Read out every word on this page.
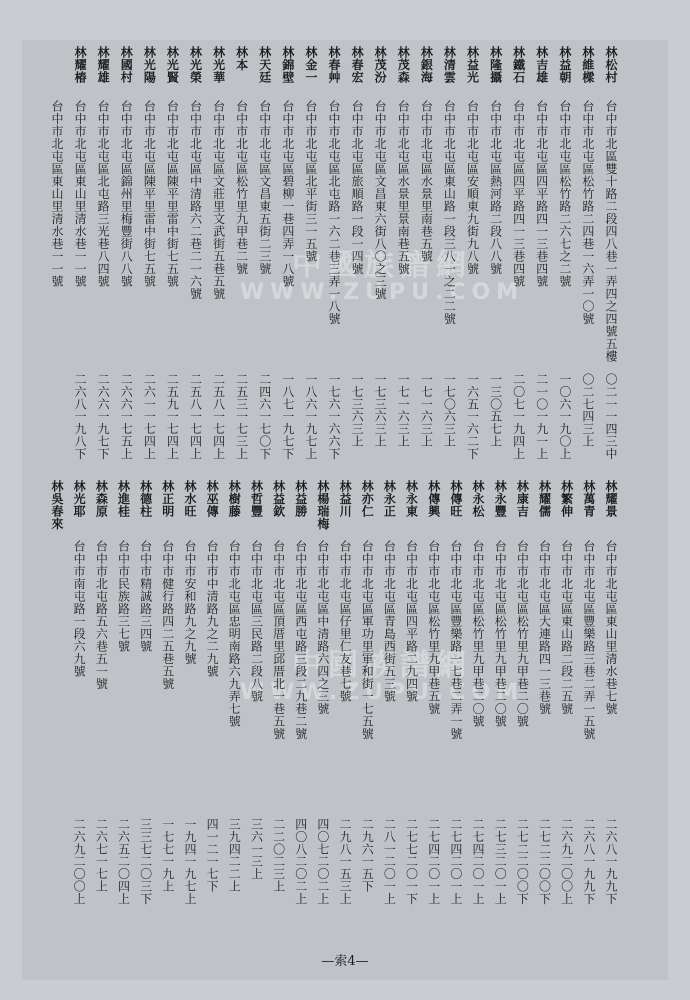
中國族譜網
WWW.ZUPU.COM
中國族譜網
WWW.ZUPU.COM
林松村
台中市北區雙十路二段四八巷一弄四之四號五樓
〇二一
一四三中
林維樑
台中市北屯區松竹路二四巷一六弄一〇號
〇二七
四三上
林益朝
台中市北屯區松竹路二六七之二號
一〇六
一九〇上
林吉雄
台中市北屯區四平路四一三巷四號
二一〇
一九一上
林鐵石
台中市北屯區四平路四一三巷四號
二〇七
一九四上
林隆攝
台中市北屯區熱河路二段八八號
一三〇
五七上
林益光
台中市北屯區安順東九街九八號
一六五
一六二下
林清雲
台中市北屯區東山路一段三八一之二二號
一七〇
六三上
林銀海
台中市北屯區水景里南巷五號
一七一
六三上
林茂森
台中市北屯區水景里景南巷五號
一七一
六三上
林茂汾
台中市北屯區文昌東六街八〇之三號
一七三
六三上
林春宏
台中市北屯區旅順路一段一四號
一七三
六三上
林春艸
台中市北屯區北屯路一六二巷三弄一八號
一七六
一六六下
林金一
台中市北屯區北平街三一五號
一八六
一九七上
林錦壁
台中市北屯區碧柳一巷四弄一八號
一八七
一九七下
林天廷
台中市北屯區文昌東五街二三號
二四六
一七〇下
林本
台中市北屯區松竹里九甲巷二號
二五三
一七三上
林光華
台中市北屯區文莊里文武街五巷五號
二五八
一七四上
林光榮
台中市北屯區中清路六二巷二一六號
二五八
一七四上
林光賢
台中市北屯區陳平里雷中街七五號
二五九
一七四上
林光陽
台中市北屯區陳平里雷中街七五號
二六一
一七四上
林國村
台中市北屯區錦州里梅豐街八八號
二六六
一七五上
林耀雄
台中市北屯區北屯路三光巷八四號
二六六
一九七下
林耀椿
台中市北屯區東山里清水巷一一號
二六八
一九八下
台中市北屯區東山里清水巷一一號
林耀景
台中市北屯區東山里清水巷七號
二六八
一九九下
林萬青
台中市北屯區豐樂路三巷二弄一五號
二六八
一九九下
林繁伸
台中市北屯區東山路二段二五號
二六九
二〇〇上
林耀儒
台中市北屯區大連路四一三巷號
二七二
二〇〇下
林康吉
台中市北屯區松竹里九甲巷二〇號
二七二
二〇〇下
林永豐
台中市北屯區松竹里九甲巷二〇號
二七三
二〇一上
林永松
台中市北屯區松竹里九甲巷二〇號
二七四
二〇一上
林傳旺
台中市北屯區豐樂路一七巷二弄一號
二七四
二〇一上
林傳興
台中市北屯區松竹里九甲巷五號
二七四
二〇一上
林永東
台中市北屯區四平路二九四號
二七七
二〇一下
林永正
台中市北屯區青島西街五三號
二八一
二〇一上
林亦仁
台中市北屯區軍功里軍和街一七五號
二九六
一五下
林益川
台中市北屯區仔里仁友巷七號
二九八
一五三上
林楊瑞梅
台中市北屯區中清路六四之三號
四〇七
二〇二上
林益勝
台中市北屯區西屯路三段二九巷二號
四〇八
二〇二上
林益欽
台中市北屯區頂厝里邱厝北一巷五號
二二〇
二三上
林哲豐
台中市北屯區三民路二段八號
三六一
三上
林樹藤
台中市北屯區忠明南路六九弄七號
三九四
二二上
林巫傳
台中市中清路九之二九號
四一二
一七下
林水旺
台中市安和路九之九號
一九四
一九七上
林正明
台中市健行路四二五巷五號
一七七
一九上
林德柱
台中市精誠路三四號
三三七
二〇三下
林進桂
台中市民族路三七號
二六五
二〇四上
林森原
台中市北屯路五六巷五一號
二六七
一七上
林光耶
台中市南屯路一段六九號
二六九
二〇〇上
林吳春來
—索4—
